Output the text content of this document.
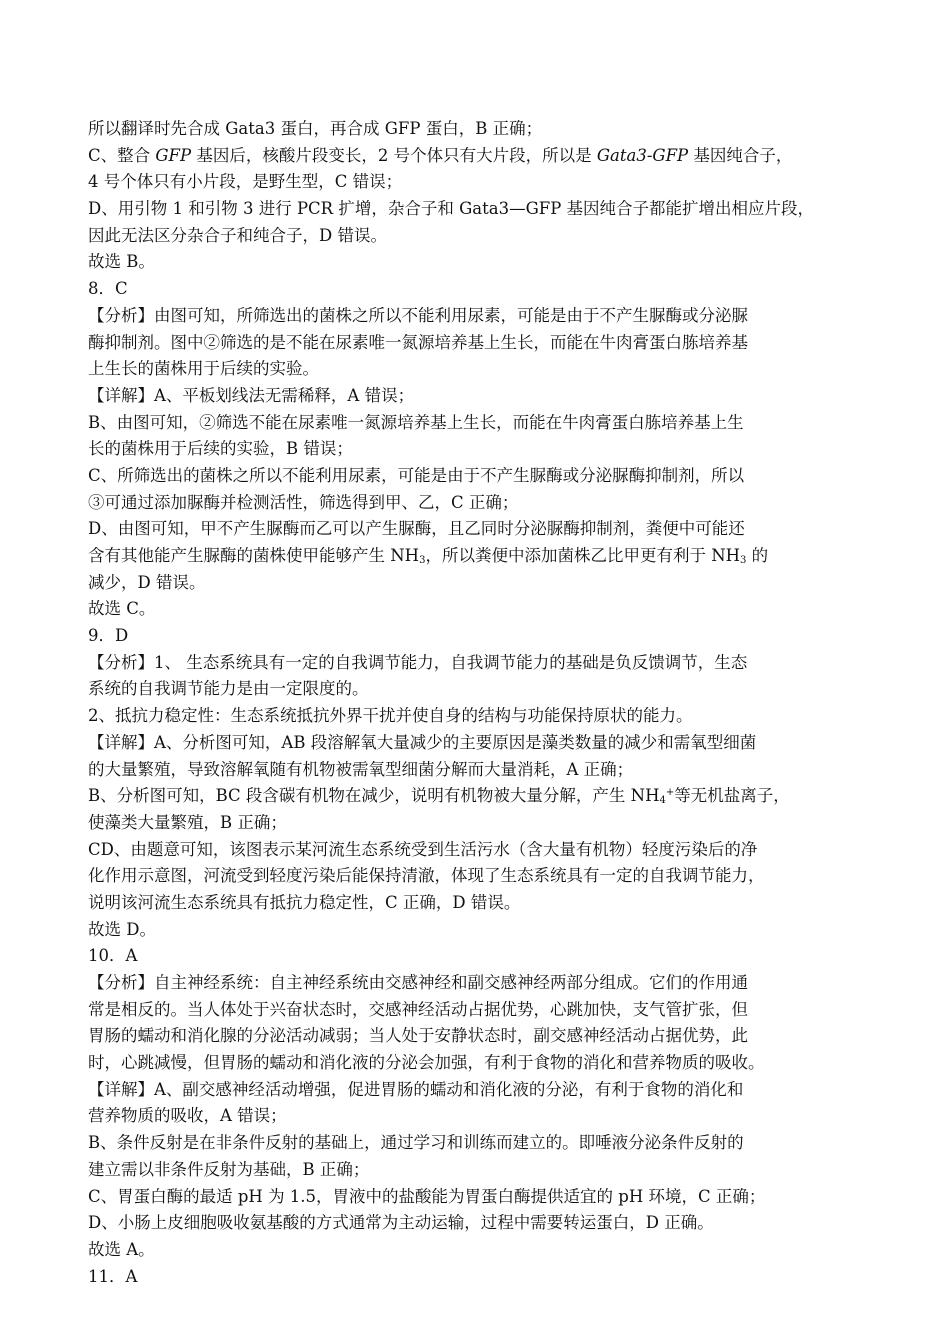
所以翻译时先合成 Gata3 蛋白，再合成 GFP 蛋白，B 正确；
C、整合 GFP 基因后，核酸片段变长，2 号个体只有大片段，所以是 Gata3-GFP 基因纯合子，
4 号个体只有小片段，是野生型，C 错误；
D、用引物 1 和引物 3 进行 PCR 扩增，杂合子和 Gata3—GFP 基因纯合子都能扩增出相应片段，
因此无法区分杂合子和纯合子，D 错误。
故选 B。
8．C
【分析】由图可知，所筛选出的菌株之所以不能利用尿素，可能是由于不产生脲酶或分泌脲
酶抑制剂。图中②筛选的是不能在尿素唯一氮源培养基上生长，而能在牛肉膏蛋白胨培养基
上生长的菌株用于后续的实验。
【详解】A、平板划线法无需稀释，A 错误；
B、由图可知，②筛选不能在尿素唯一氮源培养基上生长，而能在牛肉膏蛋白胨培养基上生
长的菌株用于后续的实验，B 错误；
C、所筛选出的菌株之所以不能利用尿素，可能是由于不产生脲酶或分泌脲酶抑制剂，所以
③可通过添加脲酶并检测活性，筛选得到甲、乙，C 正确；
D、由图可知，甲不产生脲酶而乙可以产生脲酶，且乙同时分泌脲酶抑制剂，粪便中可能还
含有其他能产生脲酶的菌株使甲能够产生 $NH_3$，所以粪便中添加菌株乙比甲更有利于 $NH_3$ 的
减少，D 错误。
故选 C。
9．D
【分析】1、 生态系统具有一定的自我调节能力，自我调节能力的基础是负反馈调节，生态
系统的自我调节能力是由一定限度的。
2、抵抗力稳定性：生态系统抵抗外界干扰并使自身的结构与功能保持原状的能力。
【详解】A、分析图可知，AB 段溶解氧大量减少的主要原因是藻类数量的减少和需氧型细菌
的大量繁殖，导致溶解氧随有机物被需氧型细菌分解而大量消耗，A 正确；
B、分析图可知，BC 段含碳有机物在减少，说明有机物被大量分解，产生 $NH_4^+$等无机盐离子，
使藻类大量繁殖，B 正确；
CD、由题意可知，该图表示某河流生态系统受到生活污水（含大量有机物）轻度污染后的净
化作用示意图，河流受到轻度污染后能保持清澈，体现了生态系统具有一定的自我调节能力，
说明该河流生态系统具有抵抗力稳定性，C 正确，D 错误。
故选 D。
10．A
【分析】自主神经系统：自主神经系统由交感神经和副交感神经两部分组成。它们的作用通
常是相反的。当人体处于兴奋状态时，交感神经活动占据优势，心跳加快，支气管扩张，但
胃肠的蠕动和消化腺的分泌活动减弱；当人处于安静状态时，副交感神经活动占据优势，此
时，心跳减慢，但胃肠的蠕动和消化液的分泌会加强，有利于食物的消化和营养物质的吸收。
【详解】A、副交感神经活动增强，促进胃肠的蠕动和消化液的分泌，有利于食物的消化和
营养物质的吸收，A 错误；
B、条件反射是在非条件反射的基础上，通过学习和训练而建立的。即唾液分泌条件反射的
建立需以非条件反射为基础，B 正确；
C、胃蛋白酶的最适 pH 为 1.5，胃液中的盐酸能为胃蛋白酶提供适宜的 pH 环境，C 正确；
D、小肠上皮细胞吸收氨基酸的方式通常为主动运输，过程中需要转运蛋白，D 正确。
故选 A。
11．A
